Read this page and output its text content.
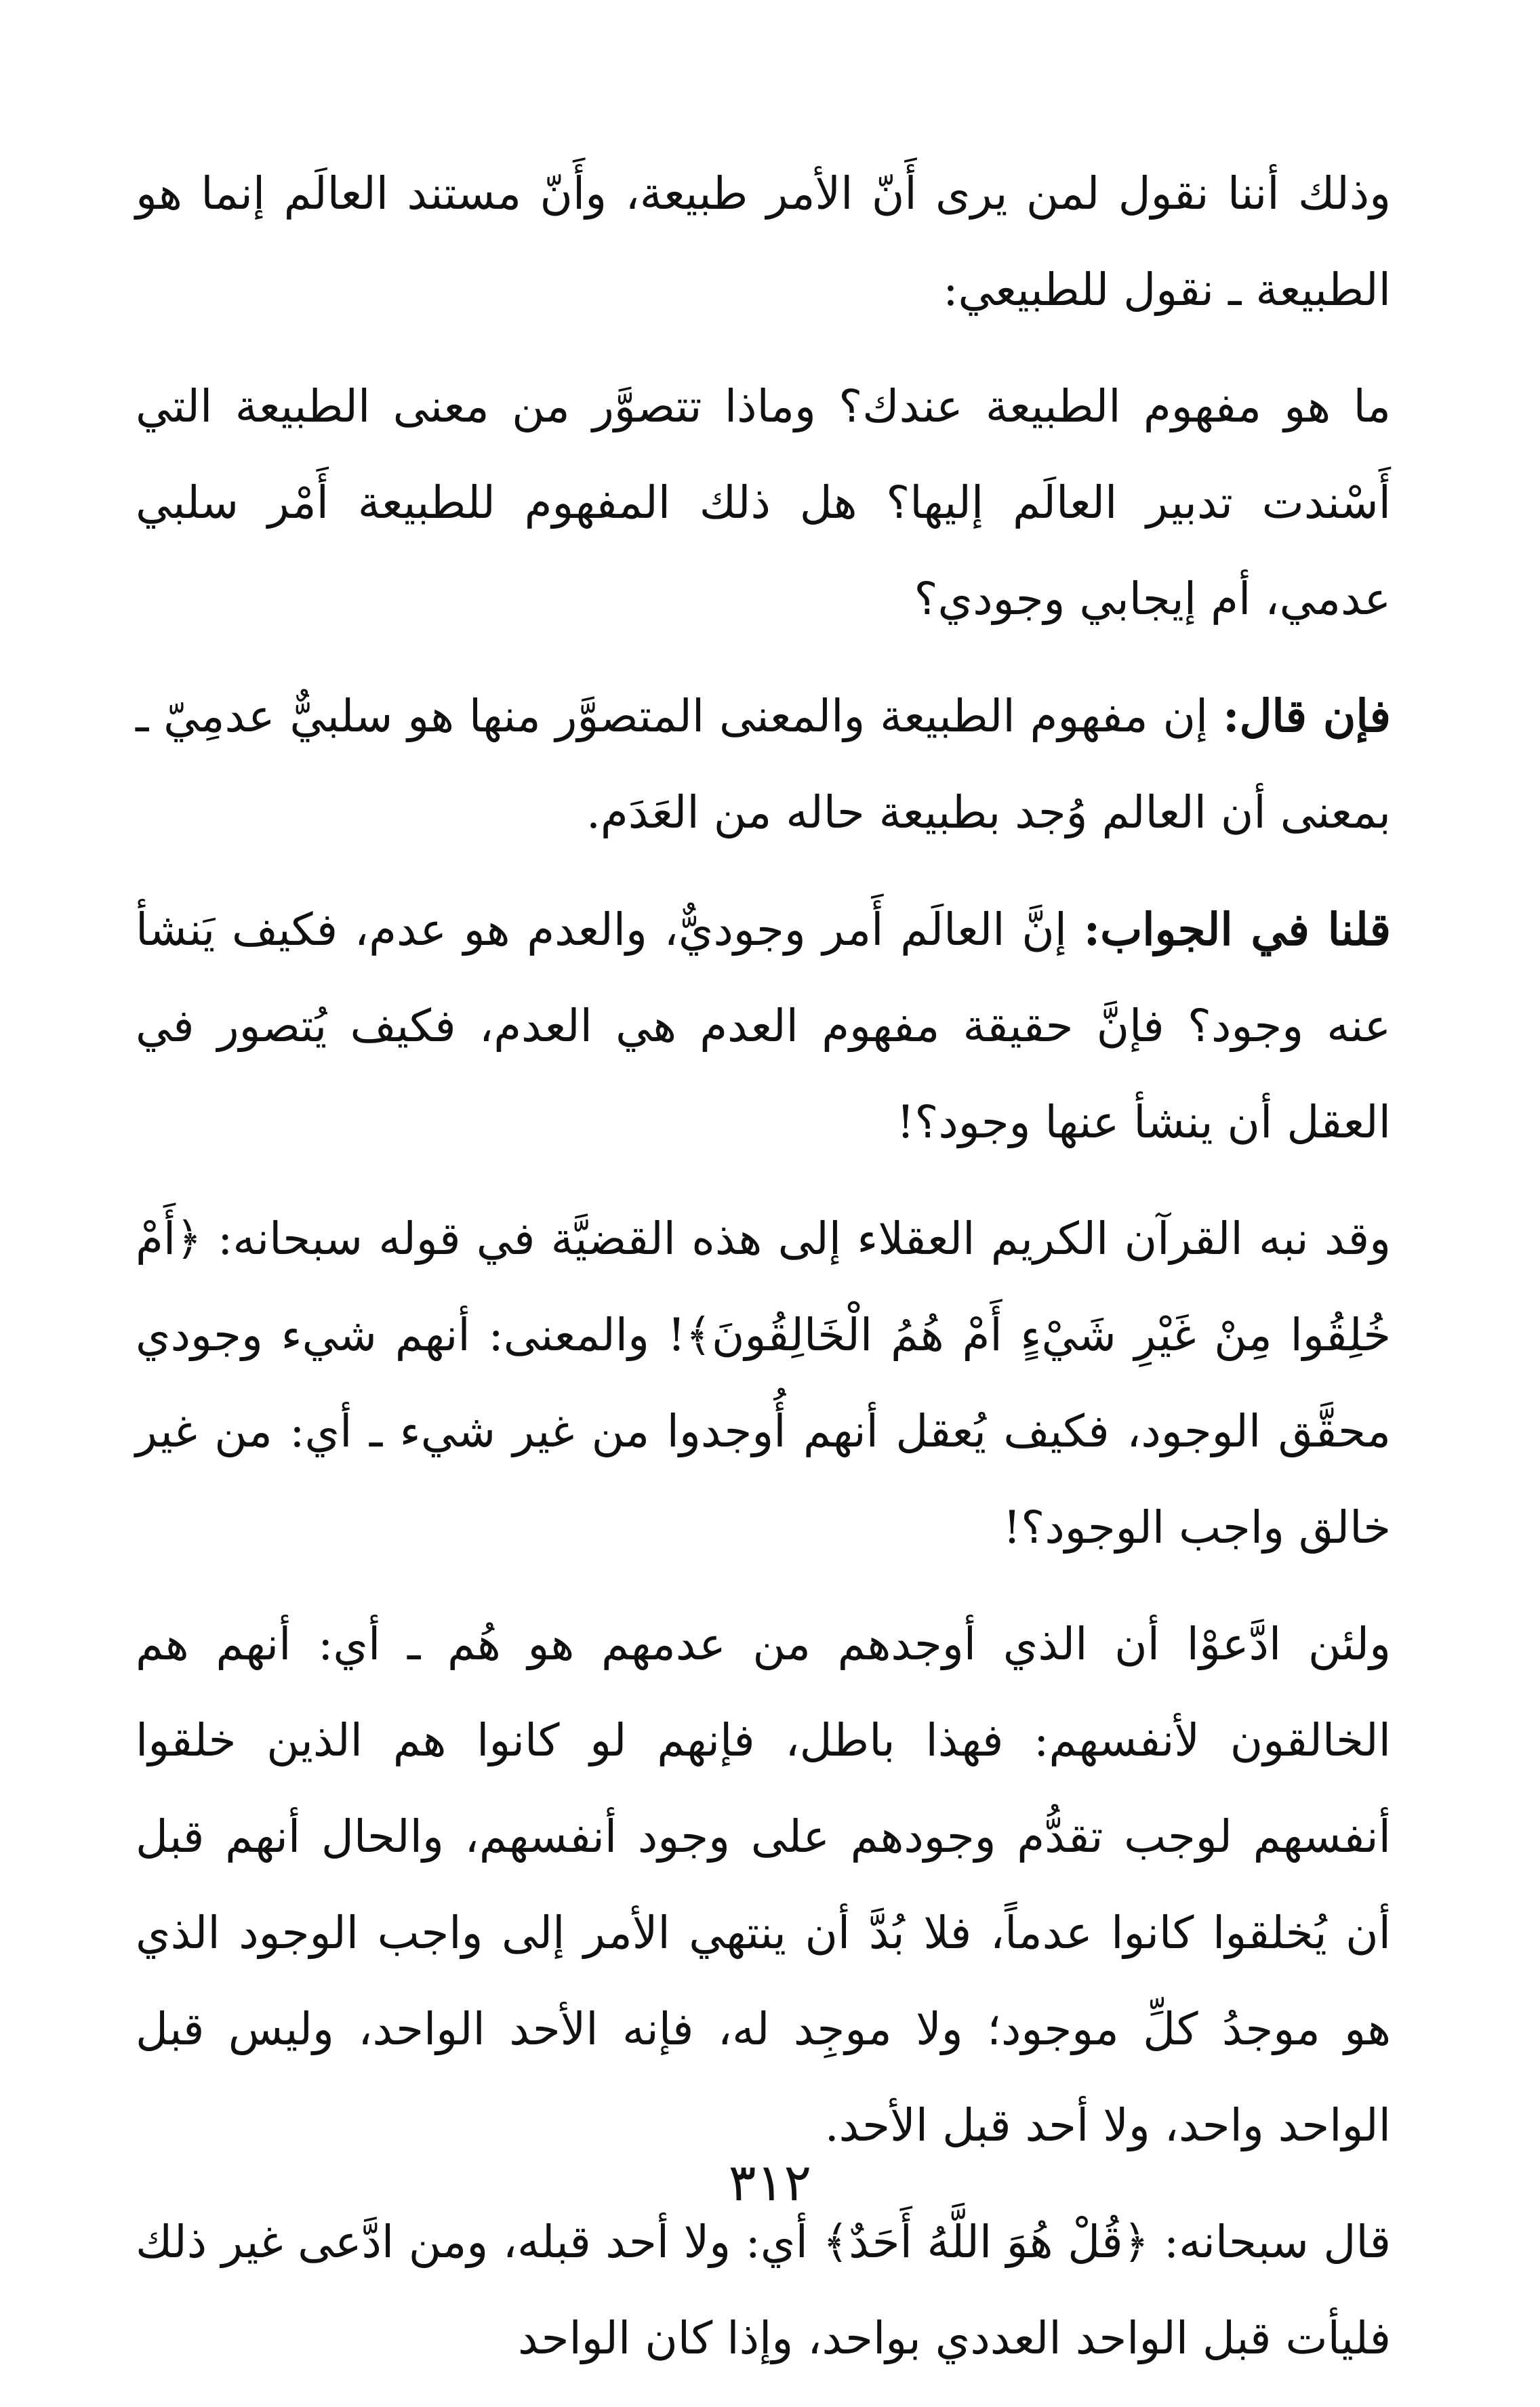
وذلك أننا نقول لمن يرى أَنّ الأمر طبيعة، وأَنّ مستند العالَم إنما هو الطبيعة ـ نقول للطبيعي:

ما هو مفهوم الطبيعة عندك؟ وماذا تتصوَّر من معنى الطبيعة التي أَسْندت تدبير العالَم إليها؟ هل ذلك المفهوم للطبيعة أَمْر سلبي عدمي، أم إيجابي وجودي؟

فإن قال: إن مفهوم الطبيعة والمعنى المتصوَّر منها هو سلبيٌّ عدمِيّ ـ بمعنى أن العالم وُجد بطبيعة حاله من العَدَم.

قلنا في الجواب: إنَّ العالَم أَمر وجوديٌّ، والعدم هو عدم، فكيف يَنشأ عنه وجود؟ فإنَّ حقيقة مفهوم العدم هي العدم، فكيف يُتصور في العقل أن ينشأ عنها وجود؟!

وقد نبه القرآن الكريم العقلاء إلى هذه القضيَّة في قوله سبحانه: ﴿أَمْ خُلِقُوا مِنْ غَيْرِ شَيْءٍ أَمْ هُمُ الْخَالِقُونَ﴾! والمعنى: أنهم شيء وجودي محقَّق الوجود، فكيف يُعقل أنهم أُوجدوا من غير شيء ـ أي: من غير خالق واجب الوجود؟!

ولئن ادَّعوْا أن الذي أوجدهم من عدمهم هو هُم ـ أي: أنهم هم الخالقون لأنفسهم: فهذا باطل، فإنهم لو كانوا هم الذين خلقوا أنفسهم لوجب تقدُّم وجودهم على وجود أنفسهم، والحال أنهم قبل أن يُخلقوا كانوا عدماً، فلا بُدَّ أن ينتهي الأمر إلى واجب الوجود الذي هو موجدُ كلِّ موجود؛ ولا موجِد له، فإنه الأحد الواحد، وليس قبل الواحد واحد، ولا أحد قبل الأحد.

قال سبحانه: ﴿قُلْ هُوَ اللَّهُ أَحَدٌ﴾ أي: ولا أحد قبله، ومن ادَّعى غير ذلك فليأت قبل الواحد العددي بواحد، وإذا كان الواحد

٣١٢
